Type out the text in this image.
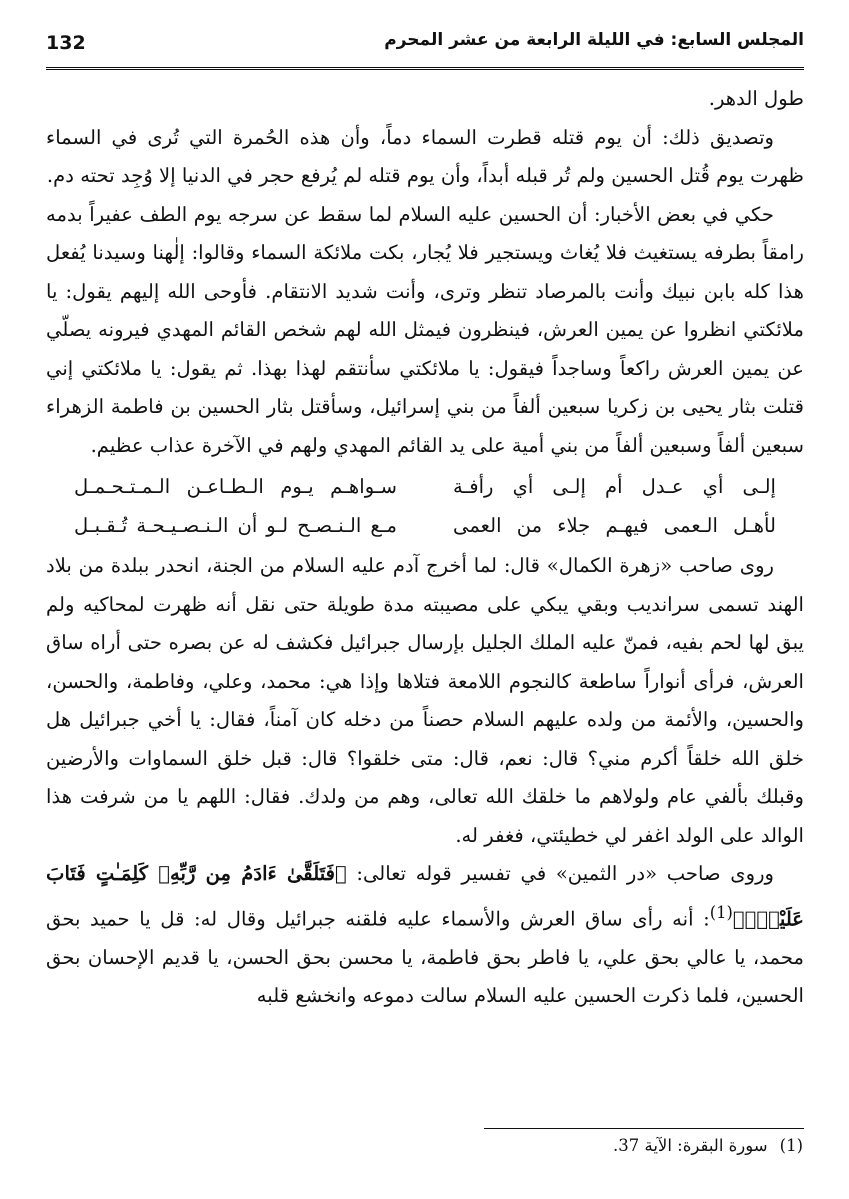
132	المجلس السابع: في الليلة الرابعة من عشر المحرم

طول الدهر.

وتصديق ذلك: أن يوم قتله قطرت السماء دماً، وأن هذه الحُمرة التي تُرى في السماء ظهرت يوم قُتل الحسين ولم تُر قبله أبداً، وأن يوم قتله لم يُرفع حجر في الدنيا إلا وُجِد تحته دم.

حكي في بعض الأخبار: أن الحسين عليه السلام لما سقط عن سرجه يوم الطف عفيراً بدمه رامقاً بطرفه يستغيث فلا يُغاث ويستجير فلا يُجار، بكت ملائكة السماء وقالوا: إلٰهنا وسيدنا يُفعل هذا كله بابن نبيك وأنت بالمرصاد تنظر وترى، وأنت شديد الانتقام. فأوحى الله إليهم يقول: يا ملائكتي انظروا عن يمين العرش، فينظرون فيمثل الله لهم شخص القائم المهدي فيرونه يصلّي عن يمين العرش راكعاً وساجداً فيقول: يا ملائكتي سأنتقم لهذا بهذا. ثم يقول: يا ملائكتي إني قتلت بثار يحيى بن زكريا سبعين ألفاً من بني إسرائيل، وسأقتل بثار الحسين بن فاطمة الزهراء سبعين ألفاً وسبعين ألفاً من بني أمية على يد القائم المهدي ولهم في الآخرة عذاب عظيم.

إلـى أي عـدل أم إلـى أي رأفـة
سـواهـم يـوم الـطـاعـن الـمـتـحـمـل
لأهـل الـعمى فيهـم جلاء من العمى
مـع الـنـصـح لـو أن الـنـصـيـحـة تُـقـبـل

روى صاحب «زهرة الكمال» قال: لما أخرج آدم عليه السلام من الجنة، انحدر ببلدة من بلاد الهند تسمى سرانديب وبقي يبكي على مصيبته مدة طويلة حتى نقل أنه ظهرت لمحاكيه ولم يبق لها لحم بفيه، فمنّ عليه الملك الجليل بإرسال جبرائيل فكشف له عن بصره حتى أراه ساق العرش، فرأى أنواراً ساطعة كالنجوم اللامعة فتلاها وإذا هي: محمد، وعلي، وفاطمة، والحسن، والحسين، والأئمة من ولده عليهم السلام حصناً من دخله كان آمناً، فقال: يا أخي جبرائيل هل خلق الله خلقاً أكرم مني؟ قال: نعم، قال: متى خلقوا؟ قال: قبل خلق السماوات والأرضين وقبلك بألفي عام ولولاهم ما خلقك الله تعالى، وهم من ولدك. فقال: اللهم يا من شرفت هذا الوالد على الولد اغفر لي خطيئتي، فغفر له.

وروى صاحب «در الثمين» في تفسير قوله تعالى: ﴿فَتَلَقَّىٰ ءَادَمُ مِن رَّبِّهِۦ كَلِمَـٰتٍ فَتَابَ عَلَيْهِۚ﴾$^{(1)}$: أنه رأى ساق العرش والأسماء عليه فلقنه جبرائيل وقال له: قل يا حميد بحق محمد، يا عالي بحق علي، يا فاطر بحق فاطمة، يا محسن بحق الحسن، يا قديم الإحسان بحق الحسين، فلما ذكرت الحسين عليه السلام سالت دموعه وانخشع قلبه

(1)سورة البقرة: الآية 37.
